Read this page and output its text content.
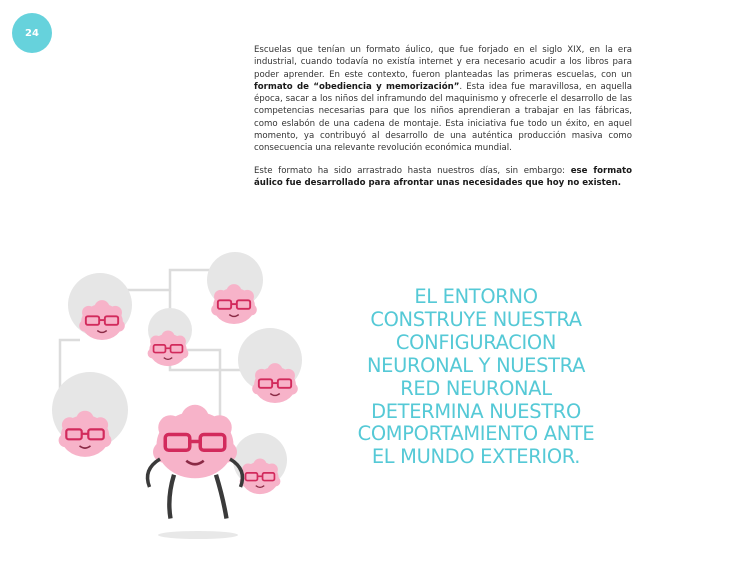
24

Escuelas que tenían un formato áulico, que fue forjado en el siglo XIX, en la era industrial, cuando todavía no existía internet y era necesario acudir a los libros para poder aprender. En este contexto, fueron planteadas las primeras escuelas, con un formato de “obediencia y memorización”. Esta idea fue maravillosa, en aquella época, sacar a los niños del inframundo del maquinismo y ofrecerle el desarrollo de las competencias necesarias para que los niños aprendieran a trabajar en las fábricas, como eslabón de una cadena de montaje. Esta iniciativa fue todo un éxito, en aquel momento, ya contribuyó al desarrollo de una auténtica producción masiva como consecuencia una relevante revolución económica mundial.

Este formato ha sido arrastrado hasta nuestros días, sin embargo: ese formato áulico fue desarrollado para afrontar unas necesidades que hoy no existen.

EL ENTORNO
CONSTRUYE NUESTRA
CONFIGURACION
NEURONAL Y NUESTRA
RED NEURONAL
DETERMINA NUESTRO
COMPORTAMIENTO ANTE
EL MUNDO EXTERIOR.
